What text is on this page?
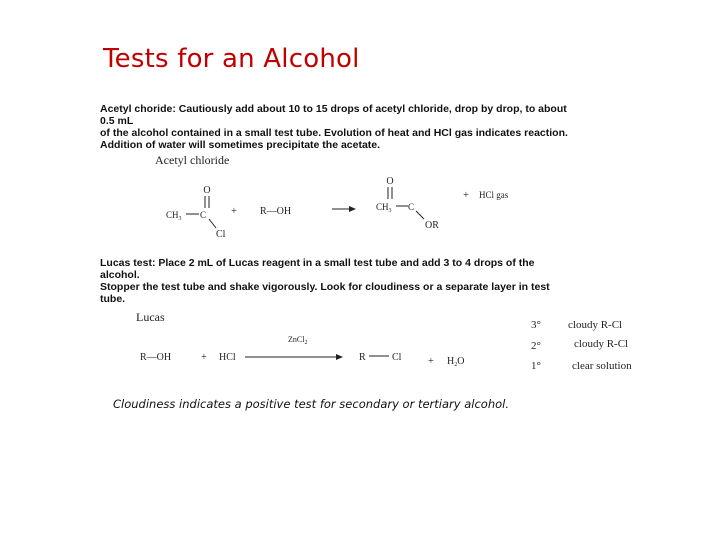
Tests for an Alcohol
Acetyl choride: Cautiously add about 10 to 15 drops of acetyl chloride, drop by drop, to about 0.5 mL
of the alcohol contained in a small test tube. Evolution of heat and HCl gas indicates reaction.
Addition of water will sometimes precipitate the acetate.
Acetyl chloride
O
$CH_3$ C
Cl
+ R—OH
O
$CH_3$ C
OR
+ HCl gas
Lucas
R—OH	+ HCl
ZnCl$_2$
R	Cl	+ $H_2O$
3° cloudy R-Cl
2°	cloudy R-Cl
1°	clear solution
Lucas test: Place 2 mL of Lucas reagent in a small test tube and add 3 to 4 drops of the alcohol.
Stopper the test tube and shake vigorously. Look for cloudiness or a separate layer in test tube.
Cloudiness indicates a positive test for secondary or tertiary alcohol.
